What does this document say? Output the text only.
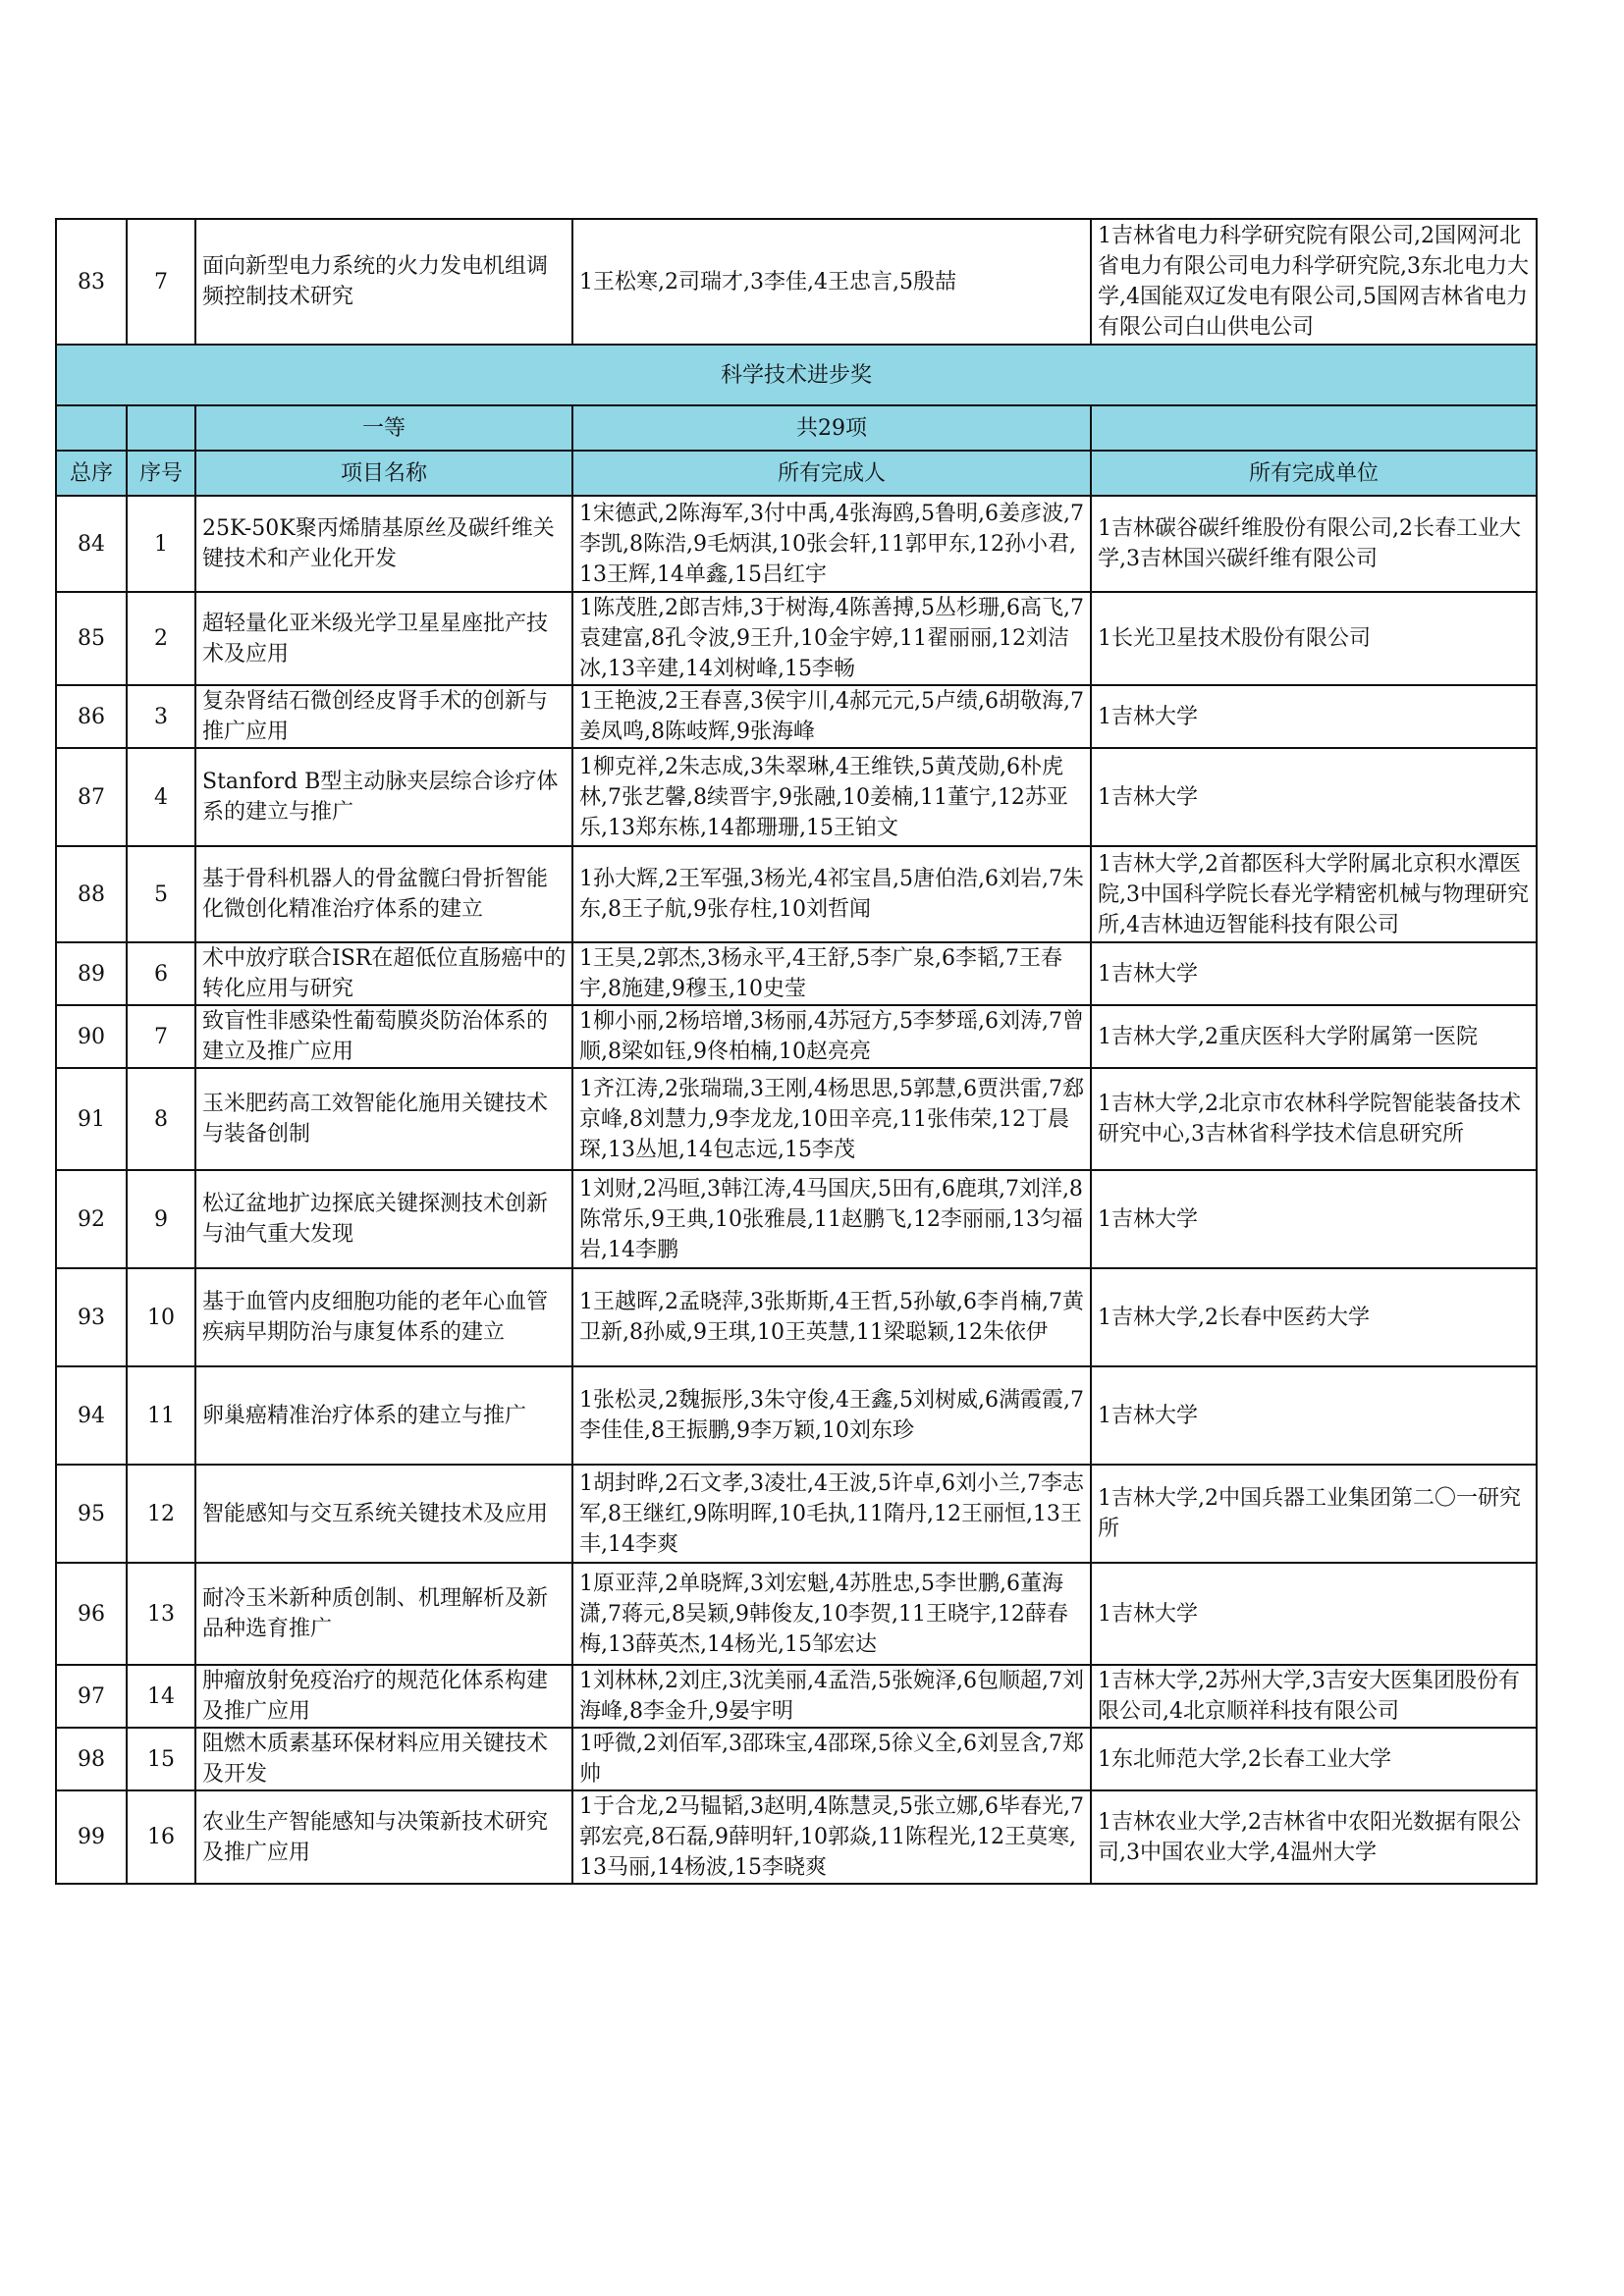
83	7	面向新型电力系统的火力发电机组调频控制技术研究	1王松寒,2司瑞才,3李佳,4王忠言,5殷喆	1吉林省电力科学研究院有限公司,2国网河北省电力有限公司电力科学研究院,3东北电力大学,4国能双辽发电有限公司,5国网吉林省电力有限公司白山供电公司
科学技术进步奖				
		一等	共29项	
总序	序号	项目名称	所有完成人	所有完成单位
84	1	25K-50K聚丙烯腈基原丝及碳纤维关键技术和产业化开发	1宋德武,2陈海军,3付中禹,4张海鸥,5鲁明,6姜彦波,7李凯,8陈浩,9毛炳淇,10张会轩,11郭甲东,12孙小君,13王辉,14单鑫,15吕红宇	1吉林碳谷碳纤维股份有限公司,2长春工业大学,3吉林国兴碳纤维有限公司
85	2	超轻量化亚米级光学卫星星座批产技术及应用	1陈茂胜,2郎吉炜,3于树海,4陈善搏,5丛杉珊,6高飞,7袁建富,8孔令波,9王升,10金宇婷,11翟丽丽,12刘洁冰,13辛建,14刘树峰,15李畅	1长光卫星技术股份有限公司
86	3	复杂肾结石微创经皮肾手术的创新与推广应用	1王艳波,2王春喜,3侯宇川,4郝元元,5卢绩,6胡敬海,7姜凤鸣,8陈岐辉,9张海峰	1吉林大学
87	4	Stanford B型主动脉夹层综合诊疗体系的建立与推广	1柳克祥,2朱志成,3朱翠琳,4王维铁,5黄茂勋,6朴虎林,7张艺馨,8续晋宇,9张融,10姜楠,11董宁,12苏亚乐,13郑东栋,14都珊珊,15王铂文	1吉林大学
88	5	基于骨科机器人的骨盆髋臼骨折智能化微创化精准治疗体系的建立	1孙大辉,2王军强,3杨光,4祁宝昌,5唐伯浩,6刘岩,7朱东,8王子航,9张存柱,10刘哲闻	1吉林大学,2首都医科大学附属北京积水潭医院,3中国科学院长春光学精密机械与物理研究所,4吉林迪迈智能科技有限公司
89	6	术中放疗联合ISR在超低位直肠癌中的转化应用与研究	1王昊,2郭杰,3杨永平,4王舒,5李广泉,6李韬,7王春宇,8施建,9穆玉,10史莹	1吉林大学
90	7	致盲性非感染性葡萄膜炎防治体系的建立及推广应用	1柳小丽,2杨培增,3杨丽,4苏冠方,5李梦瑶,6刘涛,7曾顺,8梁如钰,9佟柏楠,10赵亮亮	1吉林大学,2重庆医科大学附属第一医院
91	8	玉米肥药高工效智能化施用关键技术与装备创制	1齐江涛,2张瑞瑞,3王刚,4杨思思,5郭慧,6贾洪雷,7郄京峰,8刘慧力,9李龙龙,10田辛亮,11张伟荣,12丁晨琛,13丛旭,14包志远,15李茂	1吉林大学,2北京市农林科学院智能装备技术研究中心,3吉林省科学技术信息研究所
92	9	松辽盆地扩边探底关键探测技术创新与油气重大发现	1刘财,2冯晅,3韩江涛,4马国庆,5田有,6鹿琪,7刘洋,8陈常乐,9王典,10张雅晨,11赵鹏飞,12李丽丽,13匀福岩,14李鹏	1吉林大学
93	10	基于血管内皮细胞功能的老年心血管疾病早期防治与康复体系的建立	1王越晖,2孟晓萍,3张斯斯,4王哲,5孙敏,6李肖楠,7黄卫新,8孙威,9王琪,10王英慧,11梁聪颖,12朱依伊	1吉林大学,2长春中医药大学
94	11	卵巢癌精准治疗体系的建立与推广	1张松灵,2魏振彤,3朱守俊,4王鑫,5刘树威,6满霞霞,7李佳佳,8王振鹏,9李万颖,10刘东珍	1吉林大学
95	12	智能感知与交互系统关键技术及应用	1胡封晔,2石文孝,3凌壮,4王波,5许卓,6刘小兰,7李志军,8王继红,9陈明晖,10毛执,11隋丹,12王丽恒,13王丰,14李爽	1吉林大学,2中国兵器工业集团第二〇一研究所
96	13	耐冷玉米新种质创制、机理解析及新品种选育推广	1原亚萍,2单晓辉,3刘宏魁,4苏胜忠,5李世鹏,6董海潇,7蒋元,8吴颖,9韩俊友,10李贺,11王晓宇,12薛春梅,13薛英杰,14杨光,15邹宏达	1吉林大学
97	14	肿瘤放射免疫治疗的规范化体系构建及推广应用	1刘林林,2刘庄,3沈美丽,4孟浩,5张婉泽,6包顺超,7刘海峰,8李金升,9晏宇明	1吉林大学,2苏州大学,3吉安大医集团股份有限公司,4北京顺祥科技有限公司
98	15	阻燃木质素基环保材料应用关键技术及开发	1呼微,2刘佰军,3邵珠宝,4邵琛,5徐义全,6刘昱含,7郑帅	1东北师范大学,2长春工业大学
99	16	农业生产智能感知与决策新技术研究及推广应用	1于合龙,2马韫韬,3赵明,4陈慧灵,5张立娜,6毕春光,7郭宏亮,8石磊,9薛明轩,10郭焱,11陈程光,12王莫寒,13马丽,14杨波,15李晓爽	1吉林农业大学,2吉林省中农阳光数据有限公司,3中国农业大学,4温州大学
